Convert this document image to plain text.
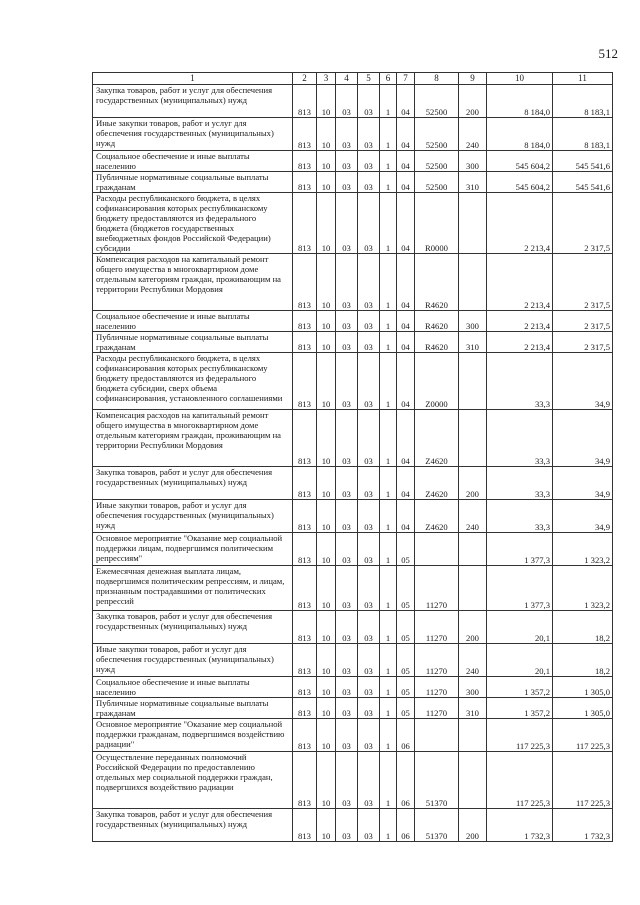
512
1	2	3	4	5	6	7	8	9	10	11
Закупка товаров, работ и услуг для обеспечения государственных (муниципальных) нужд	813	10	03	03	1	04	52500	200	8 184,0	8 183,1
Иные закупки товаров, работ и услуг для обеспечения государственных (муниципальных) нужд	813	10	03	03	1	04	52500	240	8 184,0	8 183,1
Социальное обеспечение и иные выплаты населению	813	10	03	03	1	04	52500	300	545 604,2	545 541,6
Публичные нормативные социальные выплаты гражданам	813	10	03	03	1	04	52500	310	545 604,2	545 541,6
Расходы республиканского бюджета, в целях софинансирования которых республиканскому бюджету предоставляются из федерального бюджета (бюджетов государственных внебюджетных фондов Российской Федерации) субсидии	813	10	03	03	1	04	R0000		2 213,4	2 317,5
Компенсация расходов на капитальный ремонт общего имущества в многоквартирном доме отдельным категориям граждан, проживающим на территории Республики Мордовия	813	10	03	03	1	04	R4620		2 213,4	2 317,5
Социальное обеспечение и иные выплаты населению	813	10	03	03	1	04	R4620	300	2 213,4	2 317,5
Публичные нормативные социальные выплаты гражданам	813	10	03	03	1	04	R4620	310	2 213,4	2 317,5
Расходы республиканского бюджета, в целях софинансирования которых республиканскому бюджету предоставляются из федерального бюджета субсидии, сверх объема софинансирования, установленного соглашениями	813	10	03	03	1	04	Z0000		33,3	34,9
Компенсация расходов на капитальный ремонт общего имущества в многоквартирном доме отдельным категориям граждан, проживающим на территории Республики Мордовия	813	10	03	03	1	04	Z4620		33,3	34,9
Закупка товаров, работ и услуг для обеспечения государственных (муниципальных) нужд	813	10	03	03	1	04	Z4620	200	33,3	34,9
Иные закупки товаров, работ и услуг для обеспечения государственных (муниципальных) нужд	813	10	03	03	1	04	Z4620	240	33,3	34,9
Основное мероприятие "Оказание мер социальной поддержки лицам, подвергшимся политическим репрессиям"	813	10	03	03	1	05			1 377,3	1 323,2
Ежемесячная денежная выплата лицам, подвергшимся политическим репрессиям, и лицам, признанным пострадавшими от политических репрессий	813	10	03	03	1	05	11270		1 377,3	1 323,2
Закупка товаров, работ и услуг для обеспечения государственных (муниципальных) нужд	813	10	03	03	1	05	11270	200	20,1	18,2
Иные закупки товаров, работ и услуг для обеспечения государственных (муниципальных) нужд	813	10	03	03	1	05	11270	240	20,1	18,2
Социальное обеспечение и иные выплаты населению	813	10	03	03	1	05	11270	300	1 357,2	1 305,0
Публичные нормативные социальные выплаты гражданам	813	10	03	03	1	05	11270	310	1 357,2	1 305,0
Основное мероприятие "Оказание мер социальной поддержки гражданам, подвергшимся воздействию радиации"	813	10	03	03	1	06			117 225,3	117 225,3
Осуществление переданных полномочий Российской Федерации по предоставлению отдельных мер социальной поддержки граждан, подвергшихся воздействию радиации	813	10	03	03	1	06	51370		117 225,3	117 225,3
Закупка товаров, работ и услуг для обеспечения государственных (муниципальных) нужд	813	10	03	03	1	06	51370	200	1 732,3	1 732,3
